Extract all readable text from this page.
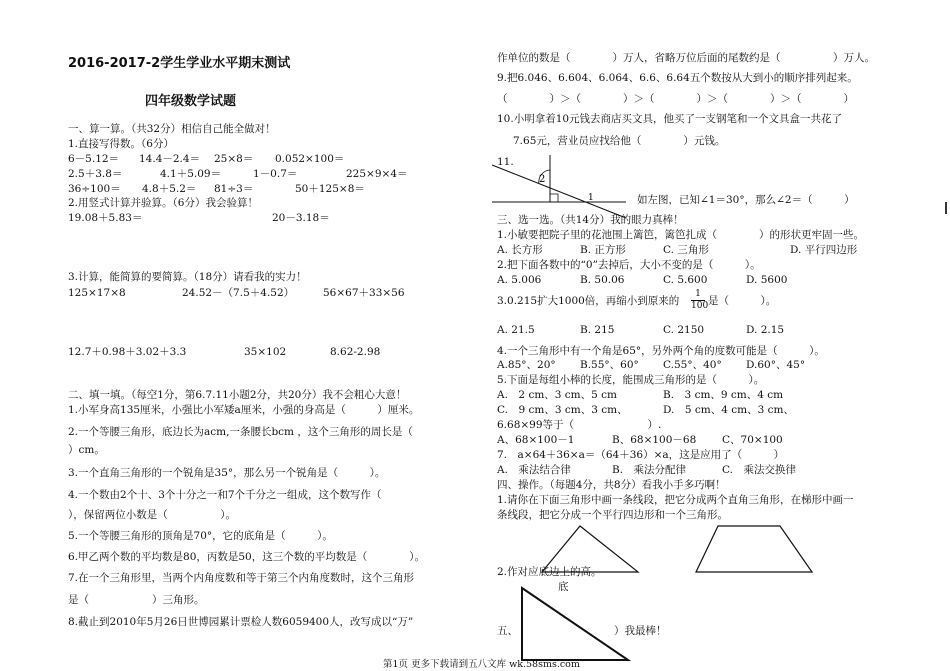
2016-2017-2学生学业水平期末测试
四年级数学试题
一、算一算。（共32分）相信自己能全做对！
1.直接写得数。（6分）
6－5.12＝ 14.4－2.4＝ 25×8＝ 0.052×100＝
2.5＋3.8＝	4.1＋5.09＝	1－0.7＝	225×9×4＝
36÷100＝ 4.8＋5.2＝ 81÷3＝	50＋125×8＝
2.用竖式计算并验算。（6分）我会验算！
19.08＋5.83＝	20－3.18＝
3.计算，能简算的要简算。（18分）请看我的实力！
125×17×8	24.52－（7.5＋4.52）	56×67＋33×56
12.7＋0.98＋3.02＋3.3	35×102	8.62-2.98
二、填一填。（每空1分，第6.7.11小题2分，共20分）我不会粗心大意！
1.小军身高135厘米，小强比小军矮a厘米，小强的身高是（　　　）厘米。
2.一个等腰三角形，底边长为acm,一条腰长bcm ，这个三角形的周长是（
）cm。
3.一个直角三角形的一个锐角是35°，那么另一个锐角是（　　　）。
4.一个数由2个十、3个十分之一和7个千分之一组成，这个数写作（
），保留两位小数是（　　　　　）。
5.一个等腰三角形的顶角是70°，它的底角是（　　　）。
6.甲乙两个数的平均数是80，丙数是50，这三个数的平均数是（　　　　）。
7.在一个三角形里，当两个内角度数和等于第三个内角度数时，这个三角形
是（　　　　　　）三角形。
8.截止到2010年5月26日世博园累计票检人数6059400人，改写成以“万”
作单位的数是（　　　　）万人，省略万位后面的尾数约是（　　　　　）万人。
9.把6.046、6.604、6.064、6.6、6.64五个数按从大到小的顺序排列起来。
（　　　　）＞（　　　　）＞（　　　　）＞（　　　　）＞（　　　　）
10.小明拿着10元钱去商店买文具，他买了一支钢笔和一个文具盒一共花了
7.65元，营业员应找给他（　　　　）元钱。
11.
2
1	如左图，已知∠1＝30°，那么∠2＝（　　　）
三、选一选。（共14分）我的眼力真棒！
1.小敏要把院子里的花池围上篱笆，篱笆扎成（　　　　）的形状更牢固一些。
A. 长方形	B. 正方形	C. 三角形	D. 平行四边形
2.把下面各数中的“0”去掉后，大小不变的是（　　　）。
A. 5.006	B. 50.06	C. 5.600	D. 5600
3.0.215扩大1000倍，再缩小到原来的
1
100 是（　　　）。
A. 21.5	B. 215	C. 2150	D. 2.15
4.一个三角形中有一个角是65°，另外两个角的度数可能是（　　　）。
A.85°、20° B.55°、60° C.55°、40° D.60°、45°
5.下面是每组小棒的长度，能围成三角形的是（　　　）。
A.　2 cm、3 cm、5 cm	B.　3 cm、9 cm、4 cm
C.　9 cm、3 cm、3 cm、	D.　5 cm、4 cm、3 cm、
6.68×99等于（　　　　　　　）.
A、68×100－1	B、68×100－68 C、70×100
7.　a×64＋36×a＝（64＋36）×a，这是应用了（　　　）
A.　乘法结合律	B.　乘法分配律	C.　乘法交换律
四、操作。（每题4分，共8分）看我小手多巧啊！
1.请你在下面三角形中画一条线段，把它分成两个直角三角形，在梯形中画一
条线段，把它分成一个平行四边形和一个三角形。
2.作对应底边上的高。
底
五、	）我最棒！
第1页 更多下载请到五八文库 wk.58sms.com
